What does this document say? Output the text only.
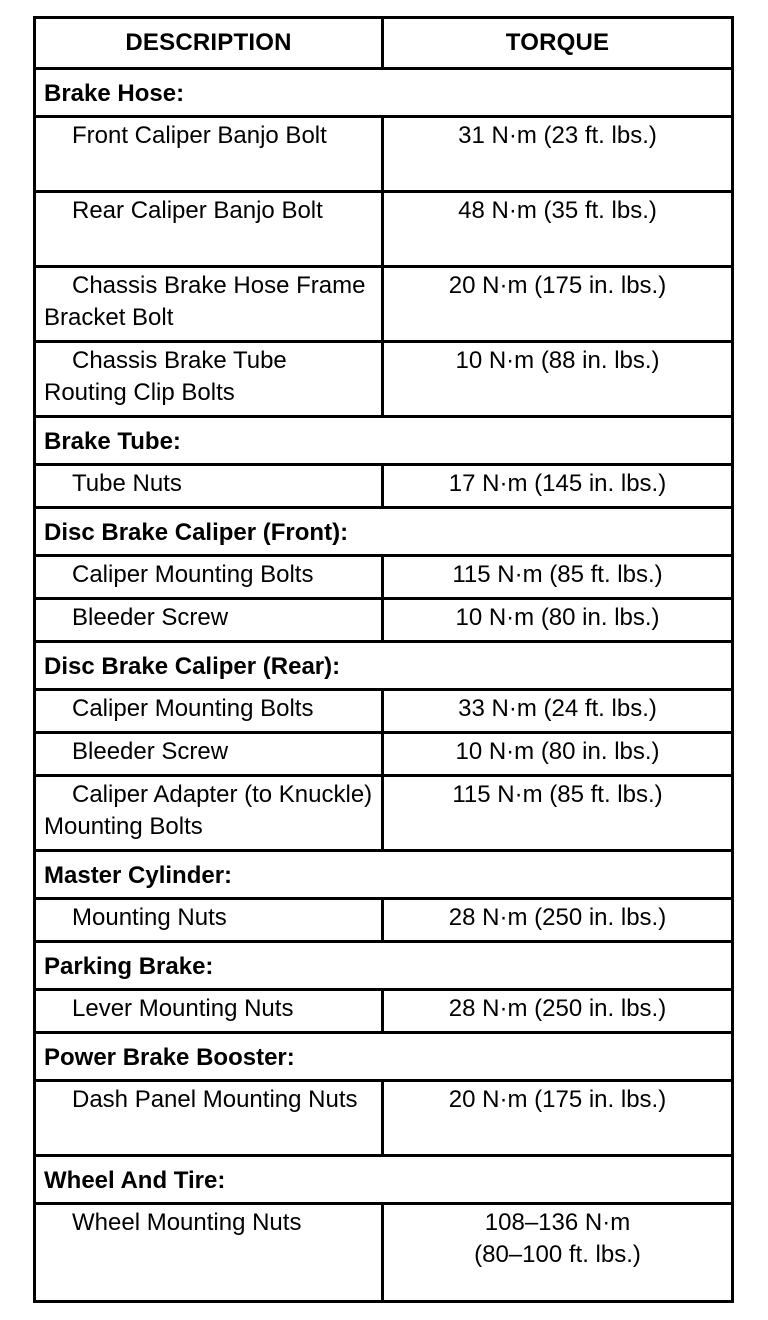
DESCRIPTION	TORQUE
Brake Hose:	
Front Caliper Banjo Bolt	31 N·m (23 ft. lbs.)
Rear Caliper Banjo Bolt	48 N·m (35 ft. lbs.)
Chassis Brake Hose Frame Bracket Bolt	20 N·m (175 in. lbs.)
Chassis Brake Tube Routing Clip Bolts	10 N·m (88 in. lbs.)
Brake Tube:	
Tube Nuts	17 N·m (145 in. lbs.)
Disc Brake Caliper (Front):	
Caliper Mounting Bolts	115 N·m (85 ft. lbs.)
Bleeder Screw	10 N·m (80 in. lbs.)
Disc Brake Caliper (Rear):	
Caliper Mounting Bolts	33 N·m (24 ft. lbs.)
Bleeder Screw	10 N·m (80 in. lbs.)
Caliper Adapter (to Knuckle) Mounting Bolts	115 N·m (85 ft. lbs.)
Master Cylinder:	
Mounting Nuts	28 N·m (250 in. lbs.)
Parking Brake:	
Lever Mounting Nuts	28 N·m (250 in. lbs.)
Power Brake Booster:	
Dash Panel Mounting Nuts	20 N·m (175 in. lbs.)
Wheel And Tire:	
Wheel Mounting Nuts	108–136 N·m
(80–100 ft. lbs.)
